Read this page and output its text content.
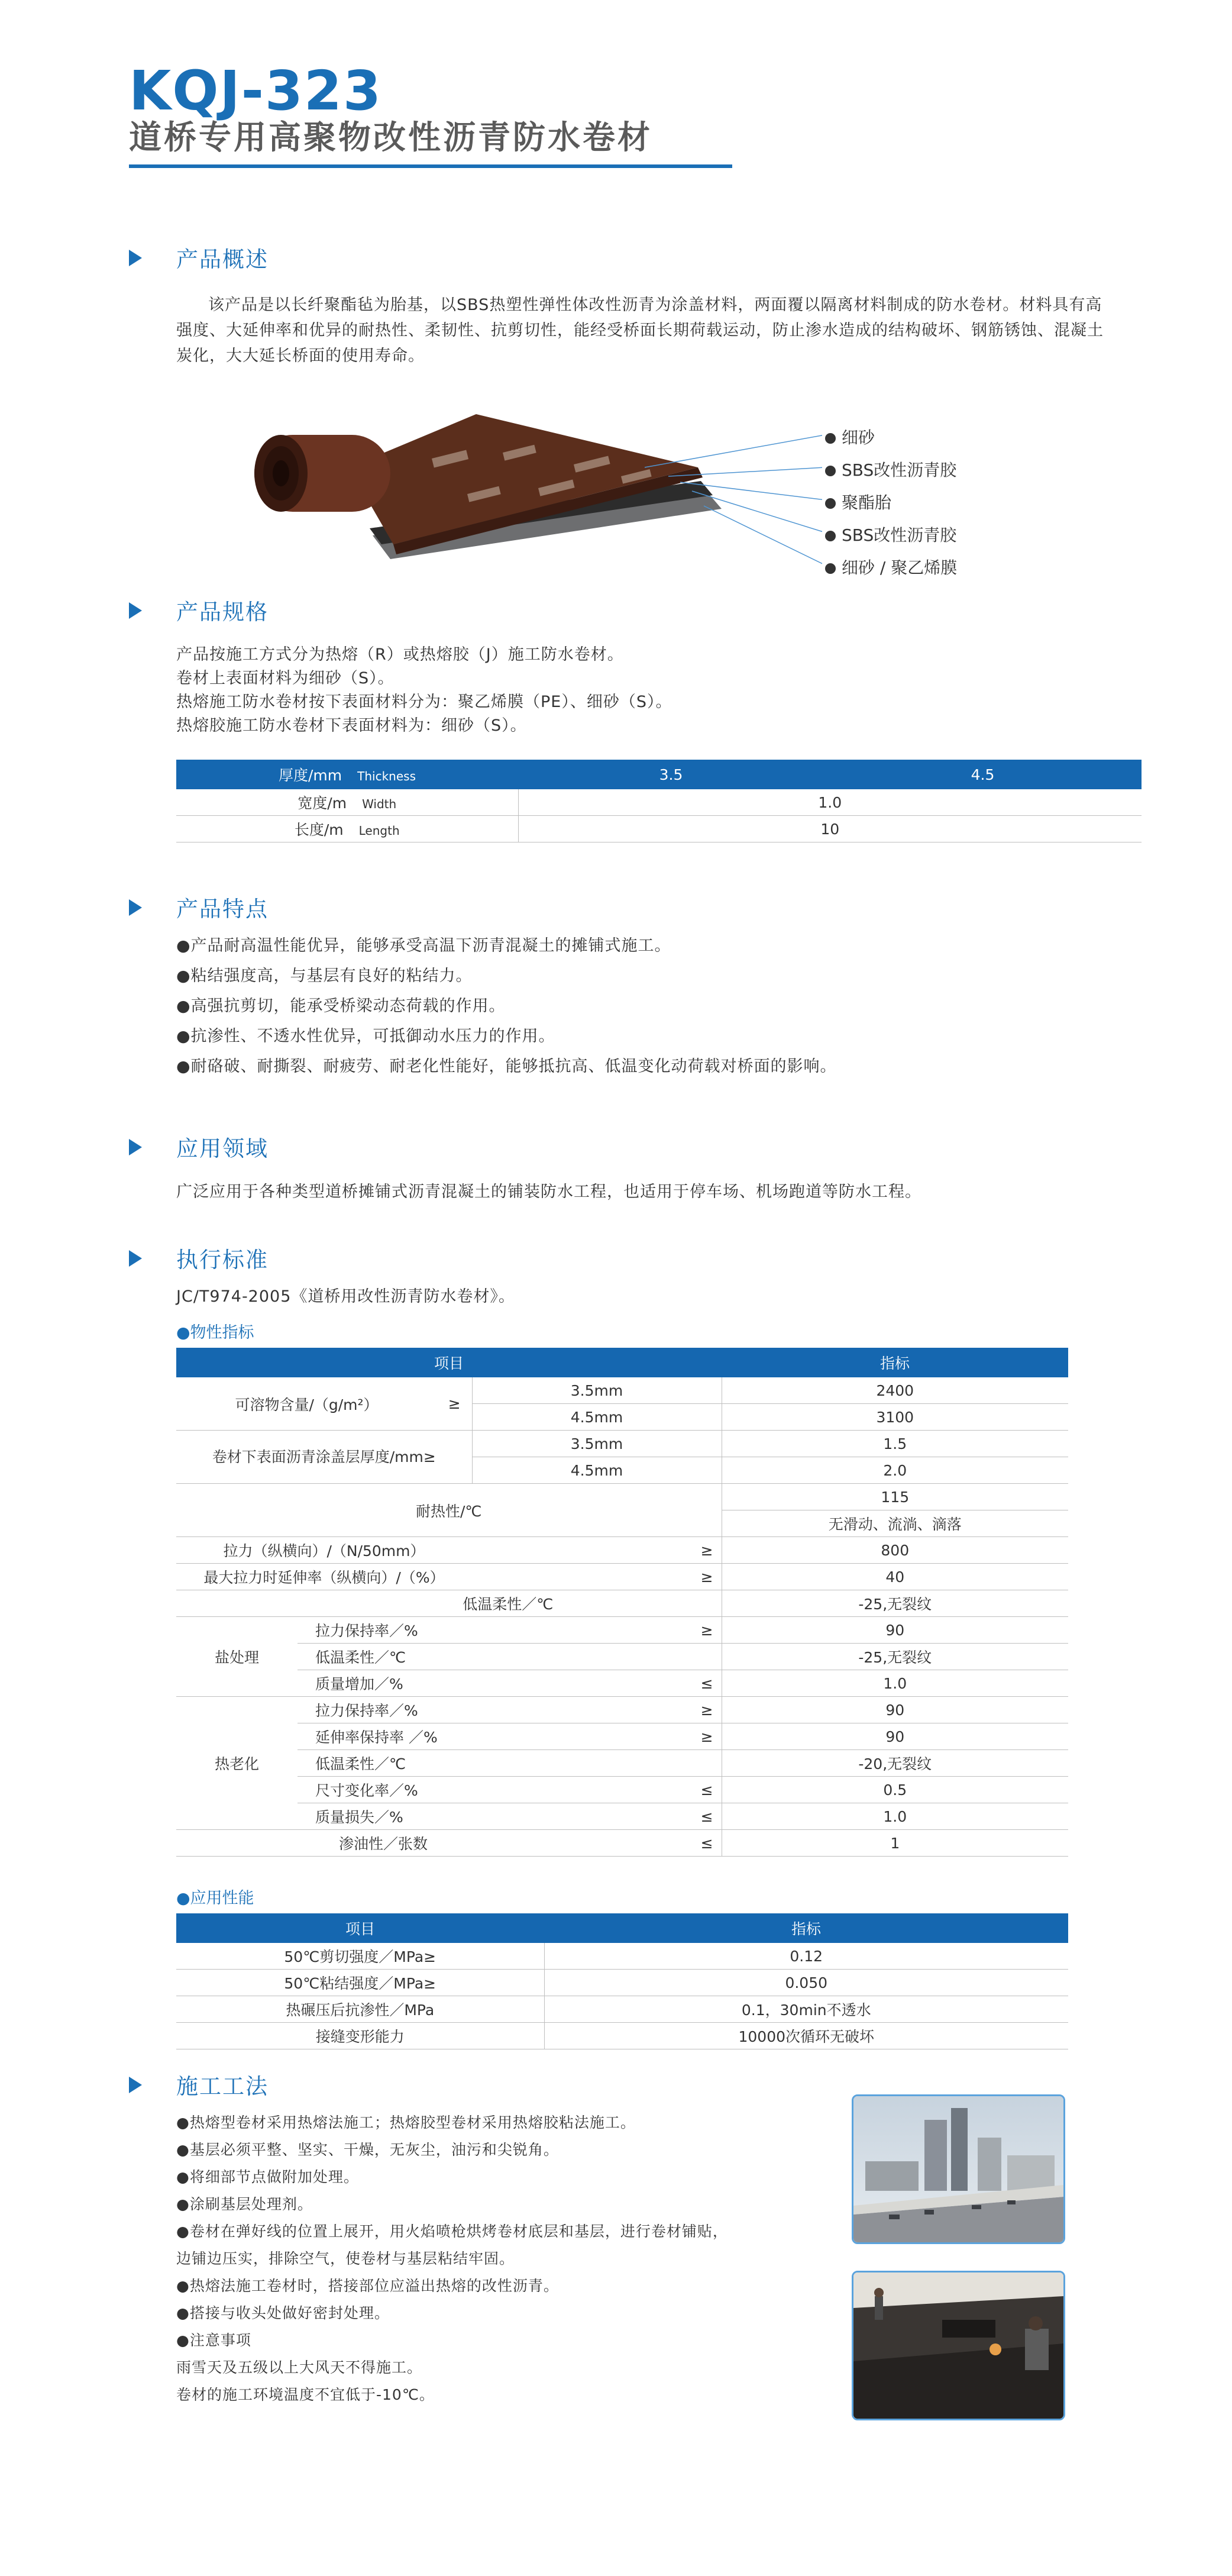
KQJ-323
道桥专用高聚物改性沥青防水卷材
产品概述
该产品是以长纤聚酯毡为胎基，以SBS热塑性弹性体改性沥青为涂盖材料，两面覆以隔离材料制成的防水卷材。材料具有高强度、大延伸率和优异的耐热性、柔韧性、抗剪切性，能经受桥面长期荷载运动，防止渗水造成的结构破坏、钢筋锈蚀、混凝土炭化，大大延长桥面的使用寿命。
细砂
SBS改性沥青胶
聚酯胎
SBS改性沥青胶
细砂 / 聚乙烯膜
产品规格
产品按施工方式分为热熔（R）或热熔胶（J）施工防水卷材。
卷材上表面材料为细砂（S）。
热熔施工防水卷材按下表面材料分为：聚乙烯膜（PE）、细砂（S）。
热熔胶施工防水卷材下表面材料为：细砂（S）。
厚度/mm Thickness	3.5	4.5
宽度/m Width	1.0	
长度/m Length	10	
产品特点
●产品耐高温性能优异，能够承受高温下沥青混凝土的摊铺式施工。
●粘结强度高，与基层有良好的粘结力。
●高强抗剪切，能承受桥梁动态荷载的作用。
●抗渗性、不透水性优异，可抵御动水压力的作用。
●耐硌破、耐撕裂、耐疲劳、耐老化性能好，能够抵抗高、低温变化动荷载对桥面的影响。
应用领域
广泛应用于各种类型道桥摊铺式沥青混凝土的铺装防水工程，也适用于停车场、机场跑道等防水工程。
执行标准
JC/T974-2005《道桥用改性沥青防水卷材》。
●物性指标
项目				指标
可溶物含量/（g/m²）		≥	3.5mm	2400
			4.5mm	3100
卷材下表面沥青涂盖层厚度/mm≥			3.5mm	1.5
			4.5mm	2.0
耐热性/℃				115
				无滑动、流淌、滴落
拉力（纵横向）/（N/50mm）			≥	800
最大拉力时延伸率（纵横向）/（%）			≥	40
低温柔性／℃				-25,无裂纹
盐处理	拉力保持率／%		≥	90
	低温柔性／℃			-25,无裂纹
	质量增加／%		≤	1.0
热老化	拉力保持率／%		≥	90
	延伸率保持率 ／%		≥	90
	低温柔性／℃			-20,无裂纹
	尺寸变化率／%		≤	0.5
	质量损失／%		≤	1.0
渗油性／张数			≤	1
●应用性能
项目	指标
50℃剪切强度／MPa≥	0.12
50℃粘结强度／MPa≥	0.050
热碾压后抗渗性／MPa	0.1，30min不透水
接缝变形能力	10000次循环无破坏
施工工法
●热熔型卷材采用热熔法施工；热熔胶型卷材采用热熔胶粘法施工。
●基层必须平整、坚实、干燥，无灰尘，油污和尖锐角。
●将细部节点做附加处理。
●涂刷基层处理剂。
●卷材在弹好线的位置上展开，用火焰喷枪烘烤卷材底层和基层，进行卷材铺贴，
边铺边压实，排除空气，使卷材与基层粘结牢固。
●热熔法施工卷材时，搭接部位应溢出热熔的改性沥青。
●搭接与收头处做好密封处理。
●注意事项
雨雪天及五级以上大风天不得施工。
卷材的施工环境温度不宜低于-10℃。
